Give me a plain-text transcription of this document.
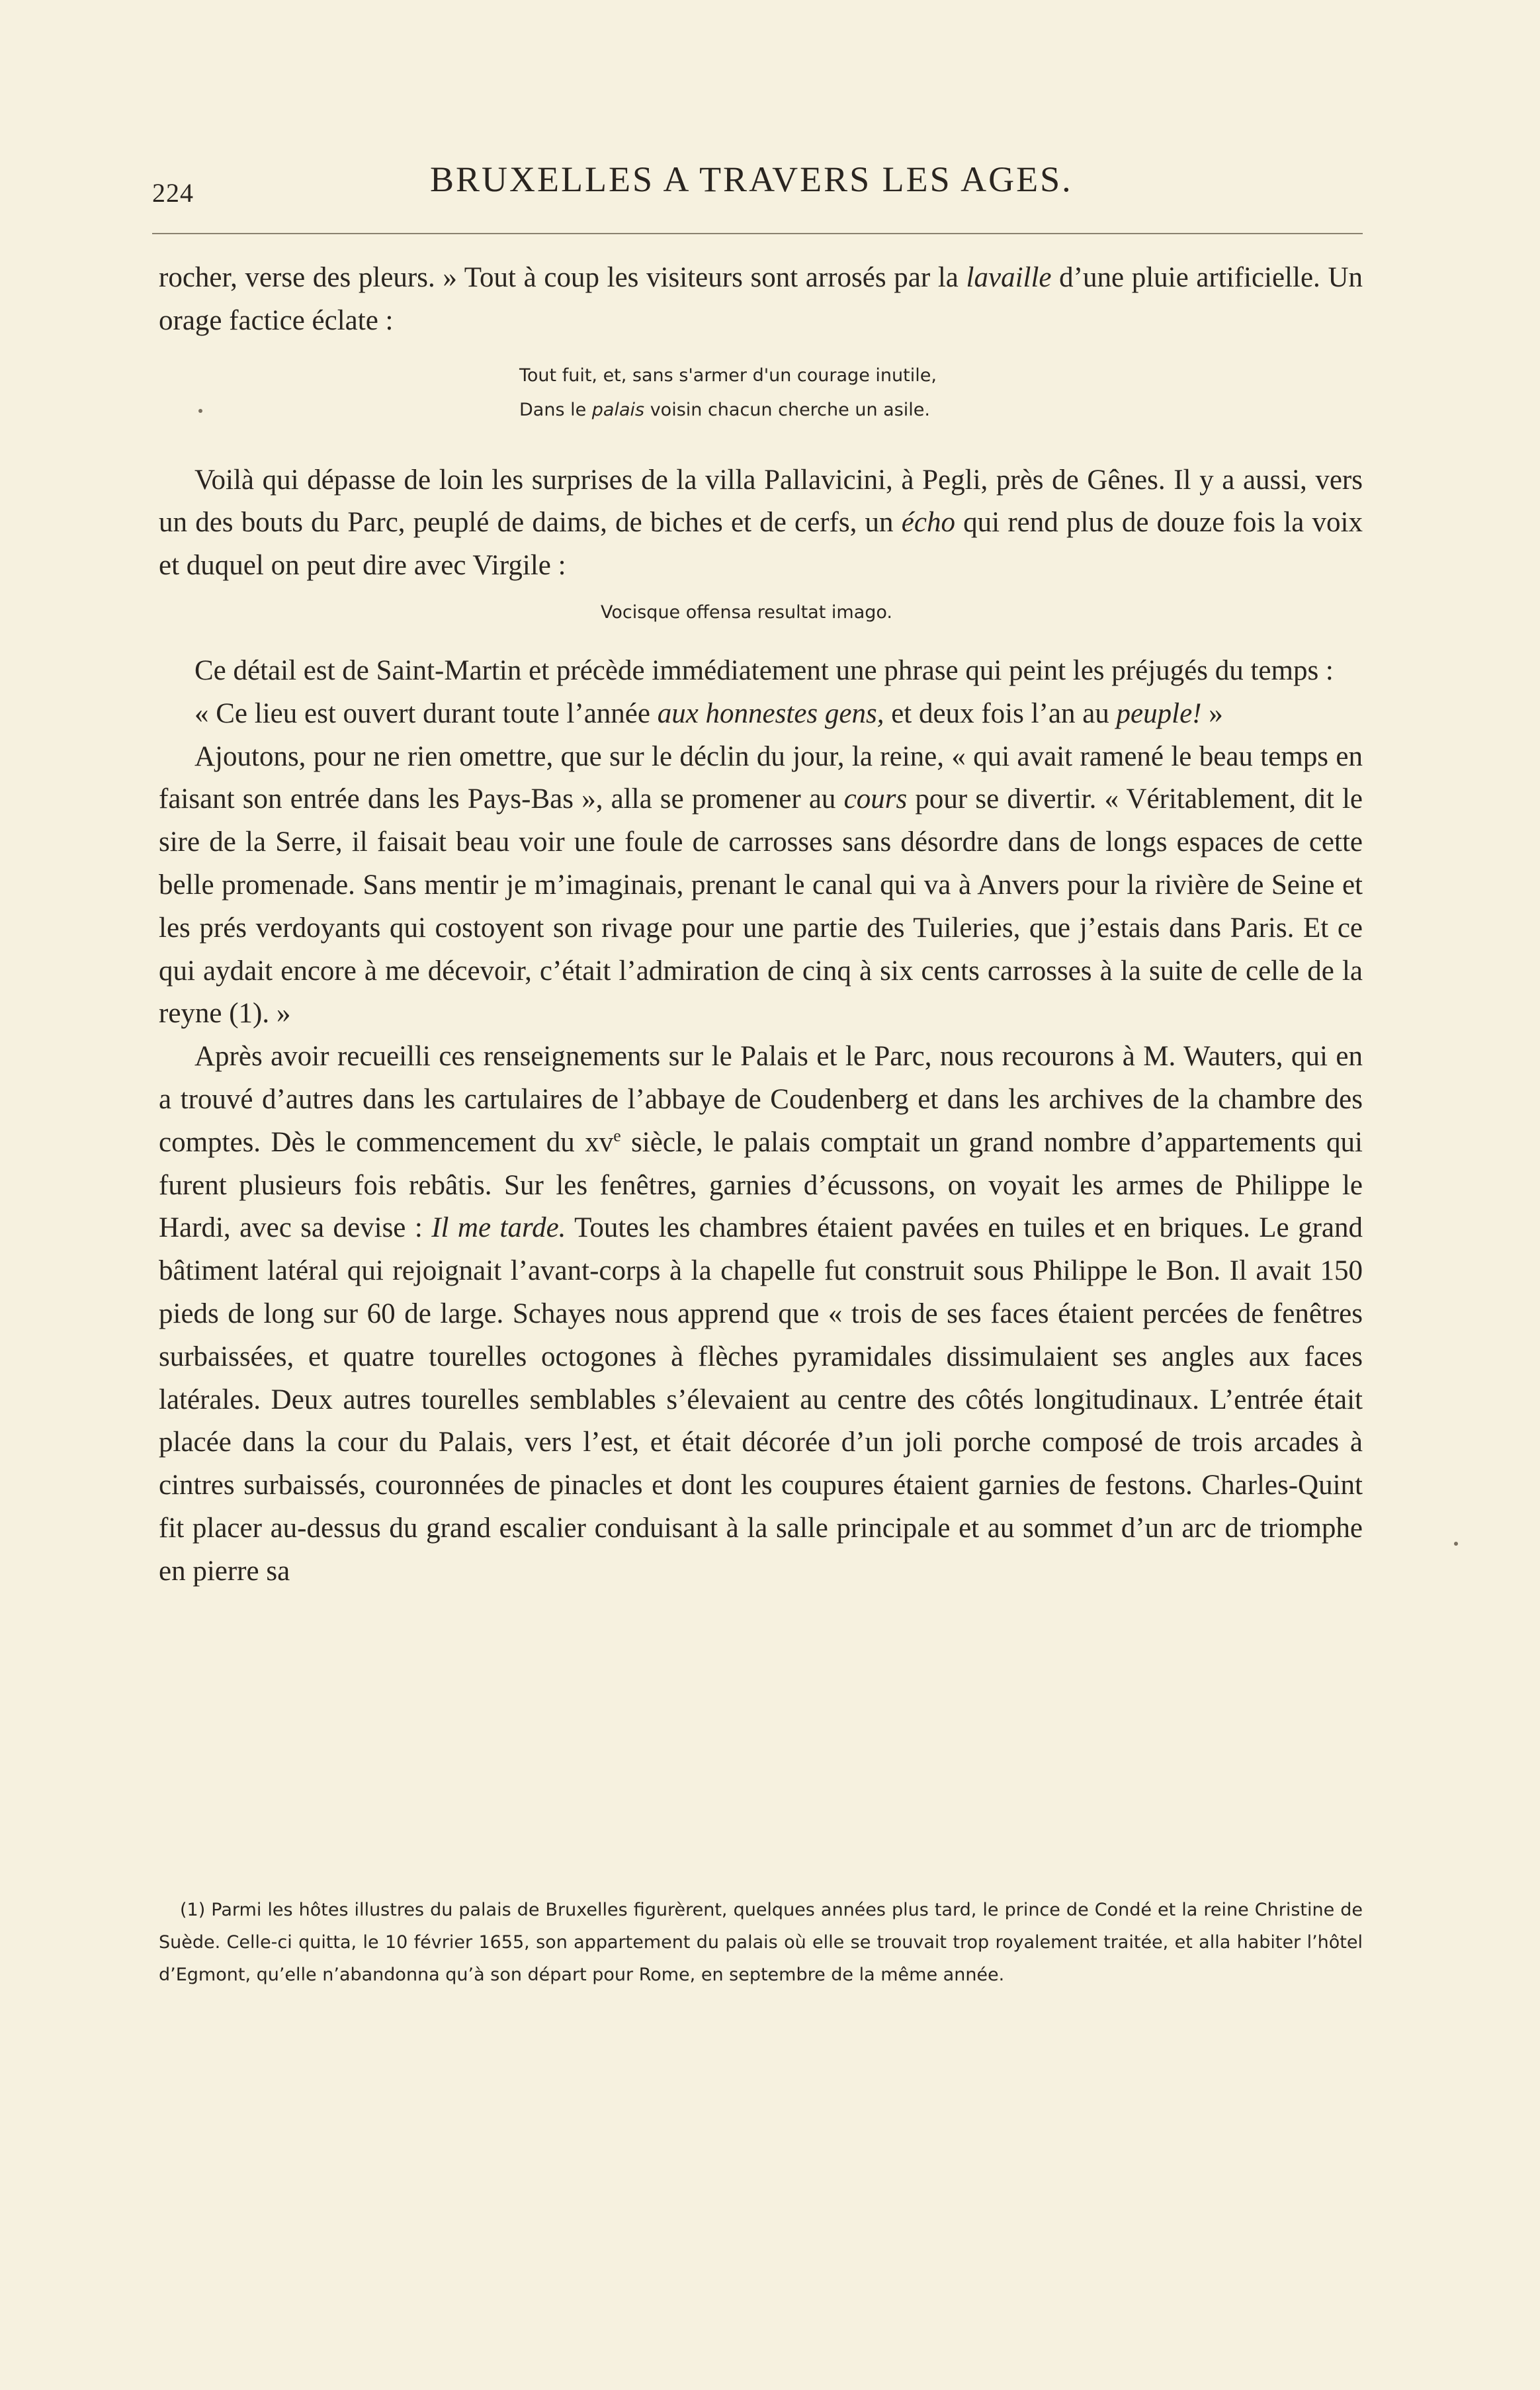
224	BRUXELLES A TRAVERS LES AGES.

rocher, verse des pleurs. » Tout à coup les visiteurs sont arrosés par la lavaille d’une pluie artificielle. Un orage factice éclate :

Tout fuit, et, sans s'armer d'un courage inutile,

Dans le palais voisin chacun cherche un asile.

Voilà qui dépasse de loin les surprises de la villa Pallavicini, à Pegli, près de Gênes. Il y a aussi, vers un des bouts du Parc, peuplé de daims, de biches et de cerfs, un écho qui rend plus de douze fois la voix et duquel on peut dire avec Virgile :

Vocisque offensa resultat imago.

Ce détail est de Saint-Martin et précède immédiatement une phrase qui peint les préjugés du temps :

« Ce lieu est ouvert durant toute l’année aux honnestes gens, et deux fois l’an au peuple! »

Ajoutons, pour ne rien omettre, que sur le déclin du jour, la reine, « qui avait ramené le beau temps en faisant son entrée dans les Pays-Bas », alla se promener au cours pour se divertir. « Véritablement, dit le sire de la Serre, il faisait beau voir une foule de carrosses sans désordre dans de longs espaces de cette belle promenade. Sans mentir je m’imaginais, prenant le canal qui va à Anvers pour la rivière de Seine et les prés verdoyants qui costoyent son rivage pour une partie des Tuileries, que j’estais dans Paris. Et ce qui aydait encore à me décevoir, c’était l’admiration de cinq à six cents carrosses à la suite de celle de la reyne (1). »

Après avoir recueilli ces renseignements sur le Palais et le Parc, nous recourons à M. Wauters, qui en a trouvé d’autres dans les cartulaires de l’abbaye de Coudenberg et dans les archives de la chambre des comptes. Dès le commencement du $xv^e$ siècle, le palais comptait un grand nombre d’appartements qui furent plusieurs fois rebâtis. Sur les fenêtres, garnies d’écussons, on voyait les armes de Philippe le Hardi, avec sa devise : Il me tarde. Toutes les chambres étaient pavées en tuiles et en briques. Le grand bâtiment latéral qui rejoignait l’avant-corps à la chapelle fut construit sous Philippe le Bon. Il avait 150 pieds de long sur 60 de large. Schayes nous apprend que « trois de ses faces étaient percées de fenêtres surbaissées, et quatre tourelles octogones à flèches pyramidales dissimulaient ses angles aux faces latérales. Deux autres tourelles semblables s’élevaient au centre des côtés longitudinaux. L’entrée était placée dans la cour du Palais, vers l’est, et était décorée d’un joli porche composé de trois arcades à cintres surbaissés, couronnées de pinacles et dont les coupures étaient garnies de festons. Charles-Quint fit placer au-dessus du grand escalier conduisant à la salle principale et au sommet d’un arc de triomphe en pierre sa

(1) Parmi les hôtes illustres du palais de Bruxelles figurèrent, quelques années plus tard, le prince de Condé et la reine Christine de Suède. Celle-ci quitta, le 10 février 1655, son appartement du palais où elle se trouvait trop royalement traitée, et alla habiter l’hôtel d’Egmont, qu’elle n’abandonna qu’à son départ pour Rome, en septembre de la même année.
